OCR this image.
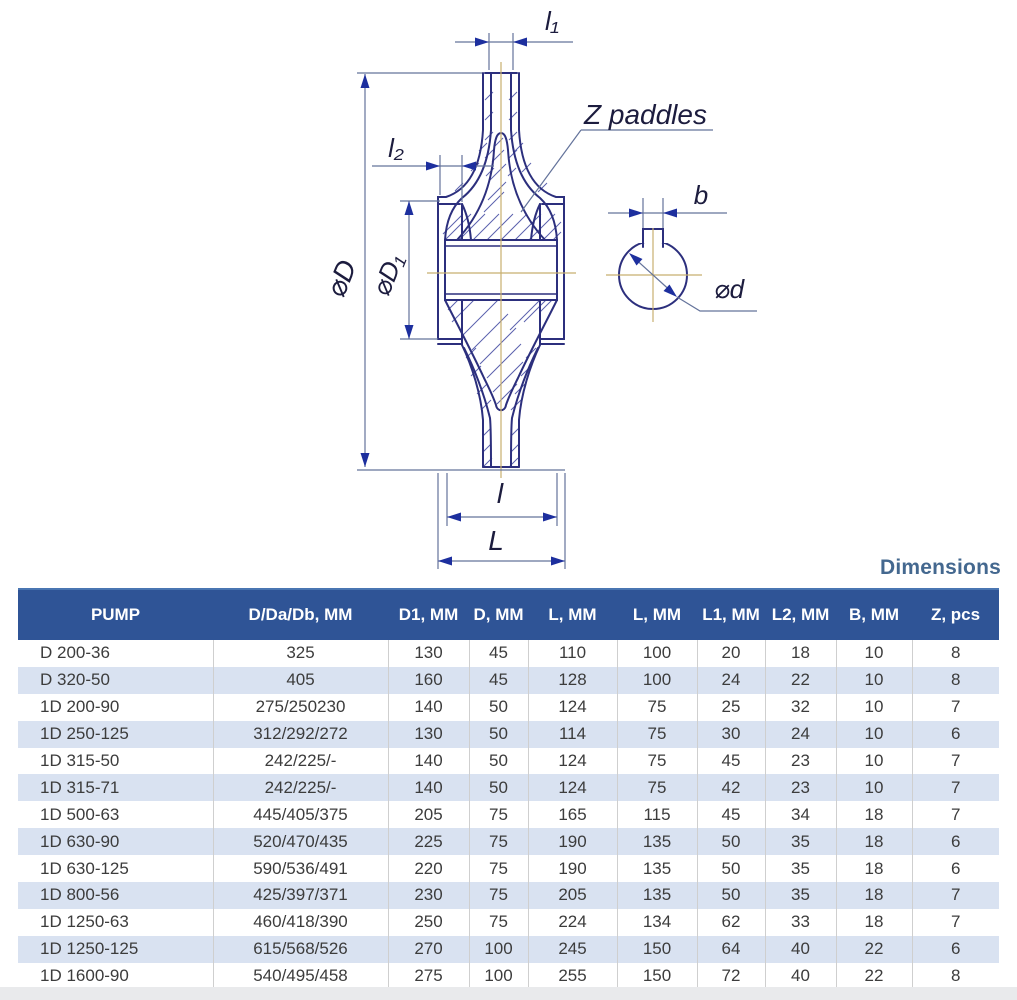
l₁
l₂
⌀D ⌀D₁
Z paddles
b
⌀d
l
L
Dimensions
PUMP	D/Da/Db, MM	D1, MM	D, MM	L, MM	L, MM	L1, MM	L2, MM	B, MM	Z, pcs
D 200-36	325	130	45	110	100	20	18	10	8
D 320-50	405	160	45	128	100	24	22	10	8
1D 200-90	275/250230	140	50	124	75	25	32	10	7
1D 250-125	312/292/272	130	50	114	75	30	24	10	6
1D 315-50	242/225/-	140	50	124	75	45	23	10	7
1D 315-71	242/225/-	140	50	124	75	42	23	10	7
1D 500-63	445/405/375	205	75	165	115	45	34	18	7
1D 630-90	520/470/435	225	75	190	135	50	35	18	6
1D 630-125	590/536/491	220	75	190	135	50	35	18	6
1D 800-56	425/397/371	230	75	205	135	50	35	18	7
1D 1250-63	460/418/390	250	75	224	134	62	33	18	7
1D 1250-125	615/568/526	270	100	245	150	64	40	22	6
1D 1600-90	540/495/458	275	100	255	150	72	40	22	8
